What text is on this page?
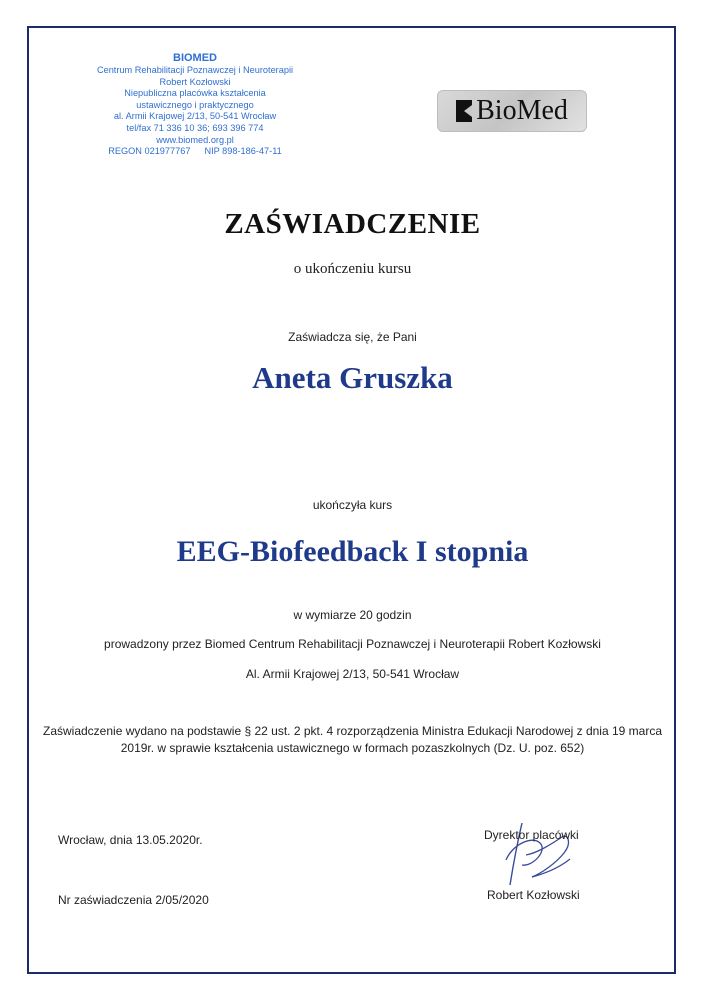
BIOMED
Centrum Rehabilitacji Poznawczej i Neuroterapii
Robert Kozłowski
Niepubliczna placówka kształcenia
ustawicznego i praktycznego
al. Armii Krajowej 2/13, 50-541 Wrocław
tel/fax 71 336 10 36; 693 396 774
www.biomed.org.pl
REGON 021977767 NIP 898-186-47-11
BioMed
ZAŚWIADCZENIE
o ukończeniu kursu
Zaświadcza się, że Pani
Aneta Gruszka
ukończyła kurs
EEG-Biofeedback I stopnia
w wymiarze 20 godzin
prowadzony przez Biomed Centrum Rehabilitacji Poznawczej i Neuroterapii Robert Kozłowski
Al. Armii Krajowej 2/13, 50-541 Wrocław
Zaświadczenie wydano na podstawie § 22 ust. 2 pkt. 4 rozporządzenia Ministra Edukacji Narodowej z dnia 19 marca 2019r. w sprawie kształcenia ustawicznego w formach pozaszkolnych (Dz. U. poz. 652)
Wrocław, dnia 13.05.2020r.
Nr zaświadczenia 2/05/2020
Dyrektor placówki
Robert Kozłowski
